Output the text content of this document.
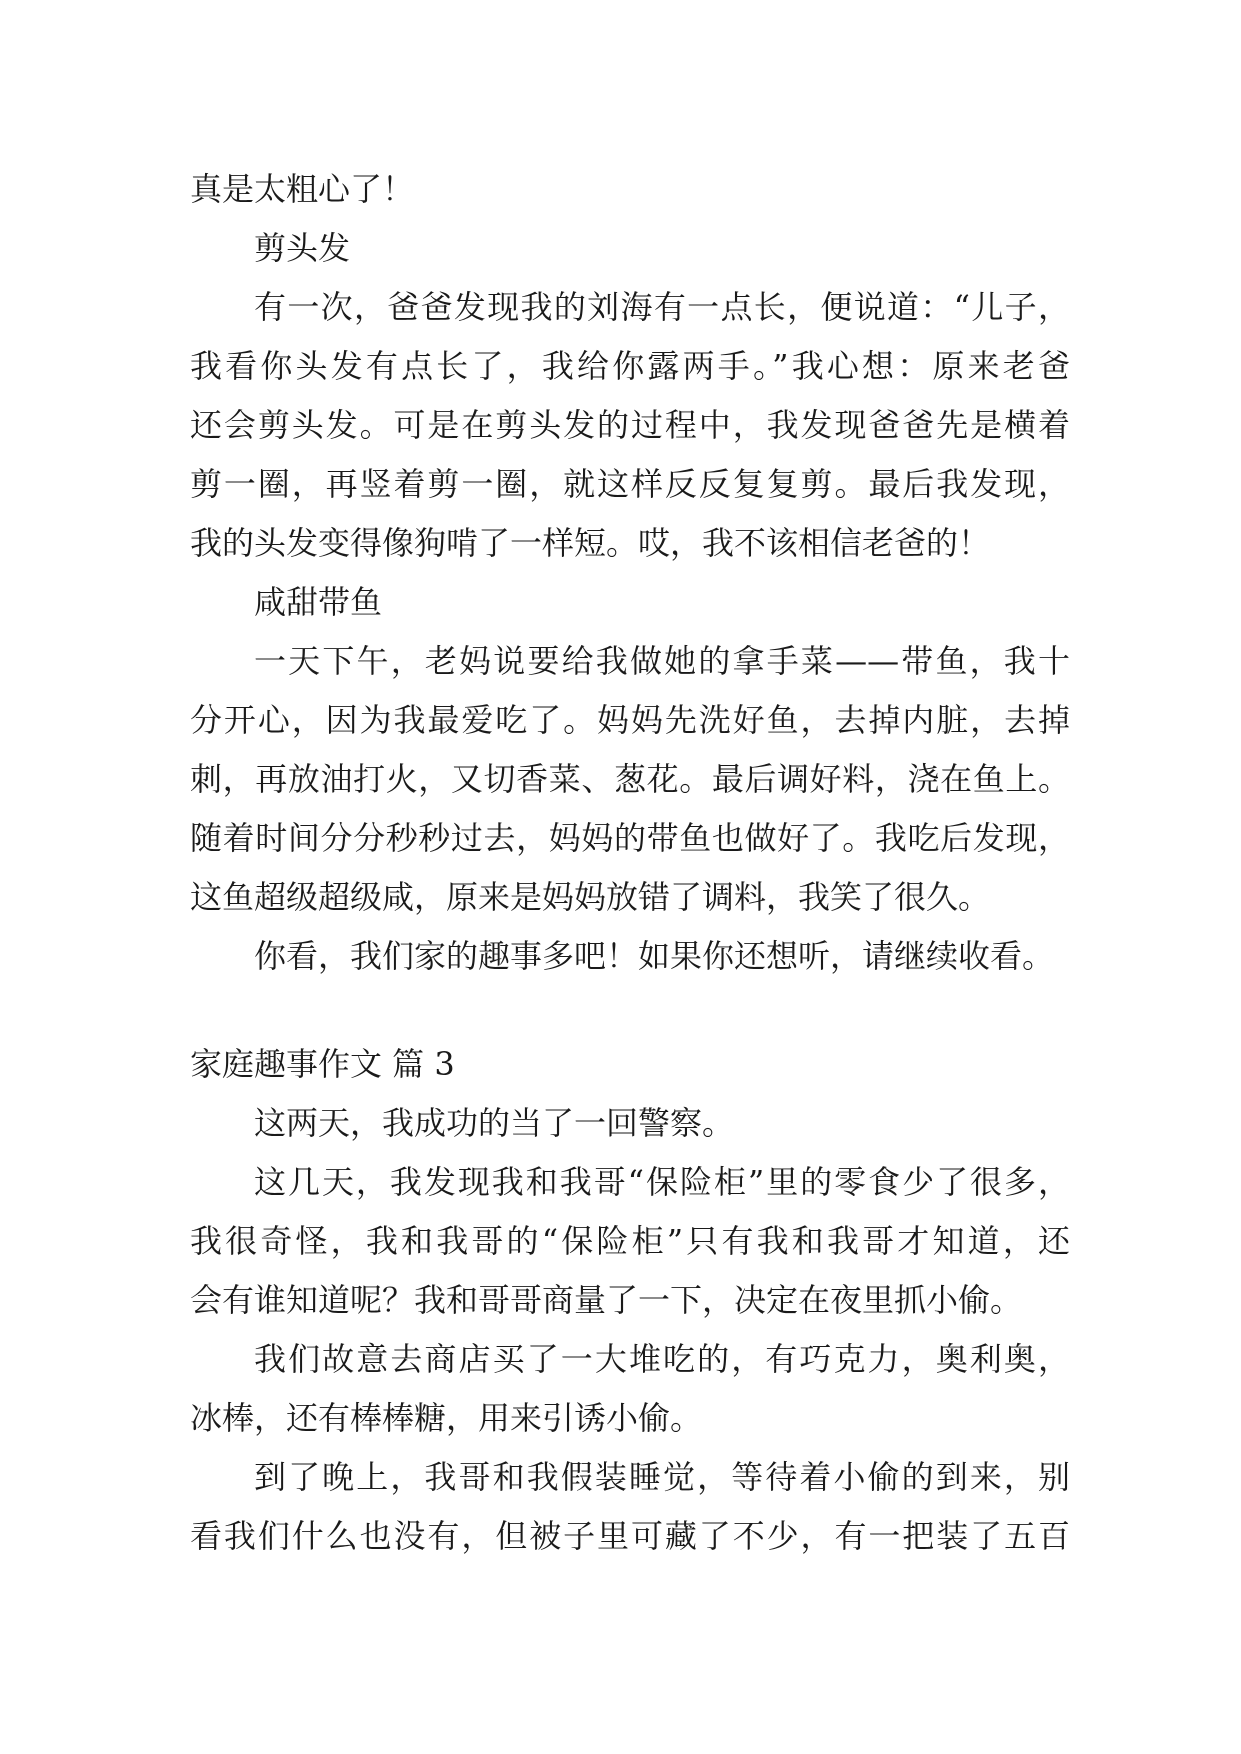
真是太粗心了！
剪头发
有一次，爸爸发现我的刘海有一点长，便说道：“儿子，
我看你头发有点长了，我给你露两手。”我心想：原来老爸
还会剪头发。可是在剪头发的过程中，我发现爸爸先是横着
剪一圈，再竖着剪一圈，就这样反反复复剪。最后我发现，
我的头发变得像狗啃了一样短。哎，我不该相信老爸的！
咸甜带鱼
一天下午，老妈说要给我做她的拿手菜——带鱼，我十
分开心，因为我最爱吃了。妈妈先洗好鱼，去掉内脏，去掉
刺，再放油打火，又切香菜、葱花。最后调好料，浇在鱼上。
随着时间分分秒秒过去，妈妈的带鱼也做好了。我吃后发现，
这鱼超级超级咸，原来是妈妈放错了调料，我笑了很久。
你看，我们家的趣事多吧！如果你还想听，请继续收看。
家庭趣事作文 篇 3
这两天，我成功的当了一回警察。
这几天，我发现我和我哥“保险柜”里的零食少了很多，
我很奇怪，我和我哥的“保险柜”只有我和我哥才知道，还
会有谁知道呢？我和哥哥商量了一下，决定在夜里抓小偷。
我们故意去商店买了一大堆吃的，有巧克力，奥利奥，
冰棒，还有棒棒糖，用来引诱小偷。
到了晚上，我哥和我假装睡觉，等待着小偷的到来，别
看我们什么也没有，但被子里可藏了不少，有一把装了五百
